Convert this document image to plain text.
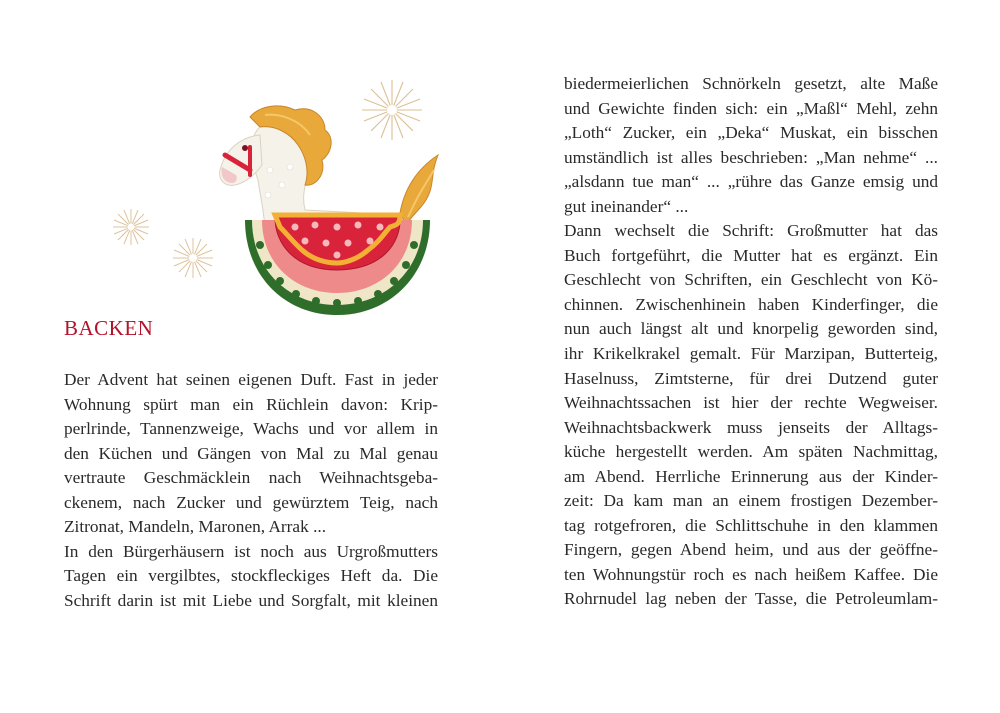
BACKEN
Der Advent hat seinen eigenen Duft. Fast in jeder
Wohnung spürt man ein Rüchlein davon: Krip-
perlrinde, Tannenzweige, Wachs und vor allem in
den Küchen und Gängen von Mal zu Mal genau
vertraute Geschmäcklein nach Weihnachtsgeba-
ckenem, nach Zucker und gewürztem Teig, nach
Zitronat, Mandeln, Maronen, Arrak ...
In den Bürgerhäusern ist noch aus Urgroßmutters
Tagen ein vergilbtes, stockfleckiges Heft da. Die
Schrift darin ist mit Liebe und Sorgfalt, mit kleinen
biedermeierlichen Schnörkeln gesetzt, alte Maße
und Gewichte finden sich: ein „Maßl“ Mehl, zehn
„Loth“ Zucker, ein „Deka“ Muskat, ein bisschen
umständlich ist alles beschrieben: „Man nehme“ ...
„alsdann tue man“ ... „rühre das Ganze emsig und
gut ineinander“ ...
Dann wechselt die Schrift: Großmutter hat das
Buch fortgeführt, die Mutter hat es ergänzt. Ein
Geschlecht von Schriften, ein Geschlecht von Kö-
chinnen. Zwischenhinein haben Kinderfinger, die
nun auch längst alt und knorpelig geworden sind,
ihr Krikelkrakel gemalt. Für Marzipan, Butterteig,
Haselnuss, Zimtsterne, für drei Dutzend guter
Weihnachtssachen ist hier der rechte Wegweiser.
Weihnachtsbackwerk muss jenseits der Alltags-
küche hergestellt werden. Am späten Nachmittag,
am Abend. Herrliche Erinnerung aus der Kinder-
zeit: Da kam man an einem frostigen Dezember-
tag rotgefroren, die Schlittschuhe in den klammen
Fingern, gegen Abend heim, und aus der geöffne-
ten Wohnungstür roch es nach heißem Kaffee. Die
Rohrnudel lag neben der Tasse, die Petroleumlam-
